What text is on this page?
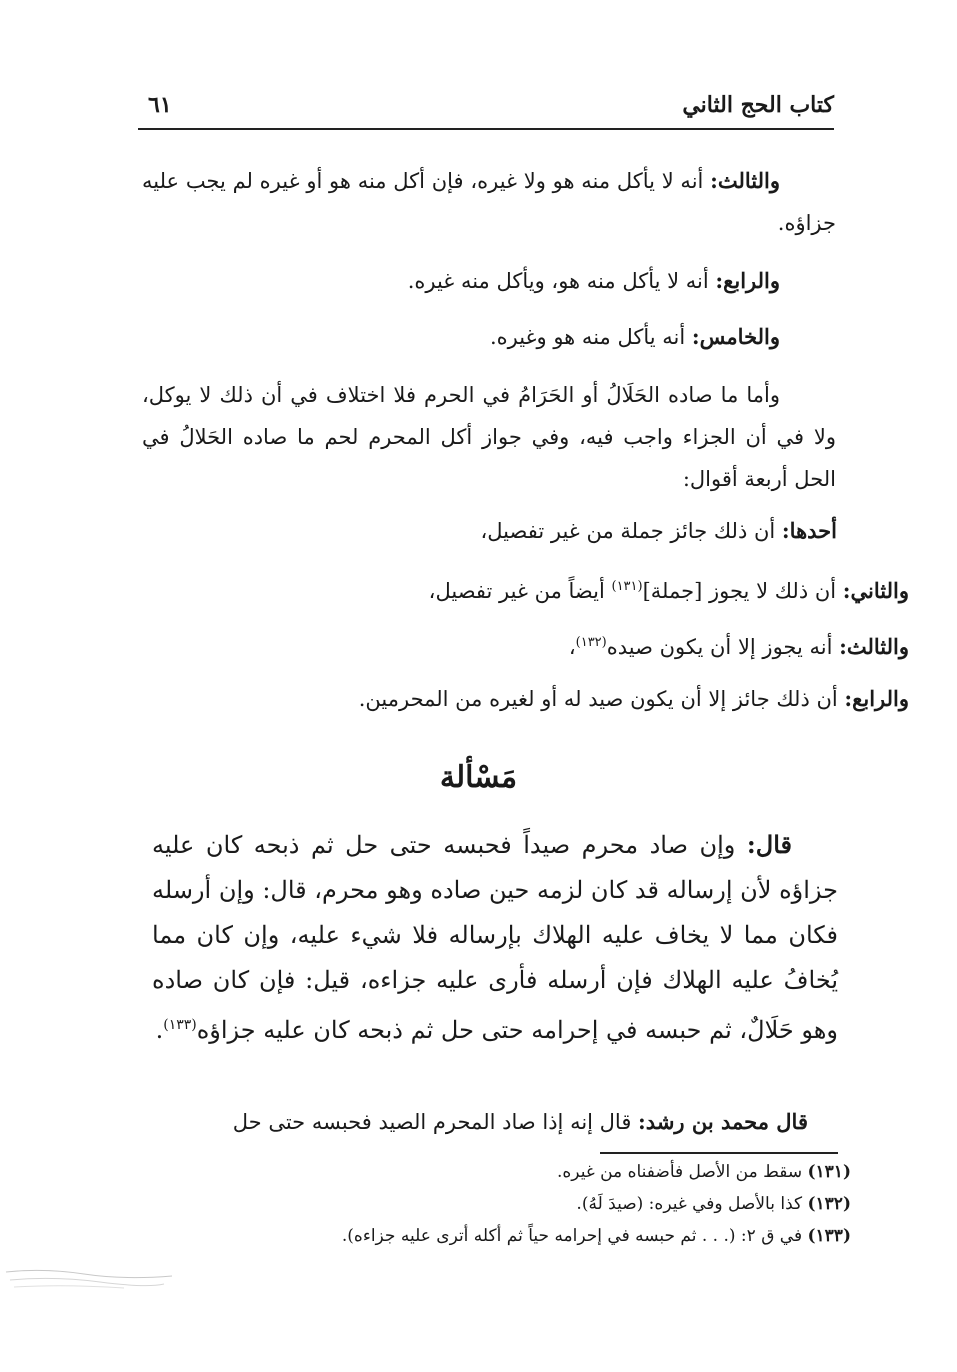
كتاب الحج الثاني
٦١

والثالث: أنه لا يأكل منه هو ولا غيره، فإن أكل منه هو أو غيره لم يجب عليه جزاؤه.

والرابع: أنه لا يأكل منه هو، ويأكل منه غيره.

والخامس: أنه يأكل منه هو وغيره.

وأما ما صاده الحَلَالُ أو الحَرَامُ في الحرم فلا اختلاف في أن ذلك لا يوكل، ولا في أن الجزاء واجب فيه، وفي جواز أكل المحرم لحم ما صاده الحَلالُ في الحل أربعة أقوال:

أحدها: أن ذلك جائز جملة من غير تفصيل،

والثاني: أن ذلك لا يجوز [جملة]$^{(١٣١)}$ أيضاً من غير تفصيل،

والثالث: أنه يجوز إلا أن يكون صيده$^{(١٣٢)}$،

والرابع: أن ذلك جائز إلا أن يكون صيد له أو لغيره من المحرمين.

مَسْألة

قال: وإن صاد محرم صيداً فحبسه حتى حل ثم ذبحه كان عليه جزاؤه لأن إرساله قد كان لزمه حين صاده وهو محرم، قال: وإن أرسله فكان مما لا يخاف عليه الهلاك بإرساله فلا شيء عليه، وإن كان مما يُخافُ عليه الهلاك فإن أرسله فأرى عليه جزاءه، قيل: فإن كان صاده وهو حَلَالٌ، ثم حبسه في إحرامه حتى حل ثم ذبحه كان عليه جزاؤه$^{(١٣٣)}$.

قال محمد بن رشد: قال إنه إذا صاد المحرم الصيد فحبسه حتى حل

(١٣١) سقط من الأصل فأضفناه من غيره.

(١٣٢) كذا بالأصل وفي غيره: (صيدَ لَهُ).

(١٣٣) في ق ٢: (. . . ثم حبسه في إحرامه حياً ثم أكله أترى عليه جزاءه).
